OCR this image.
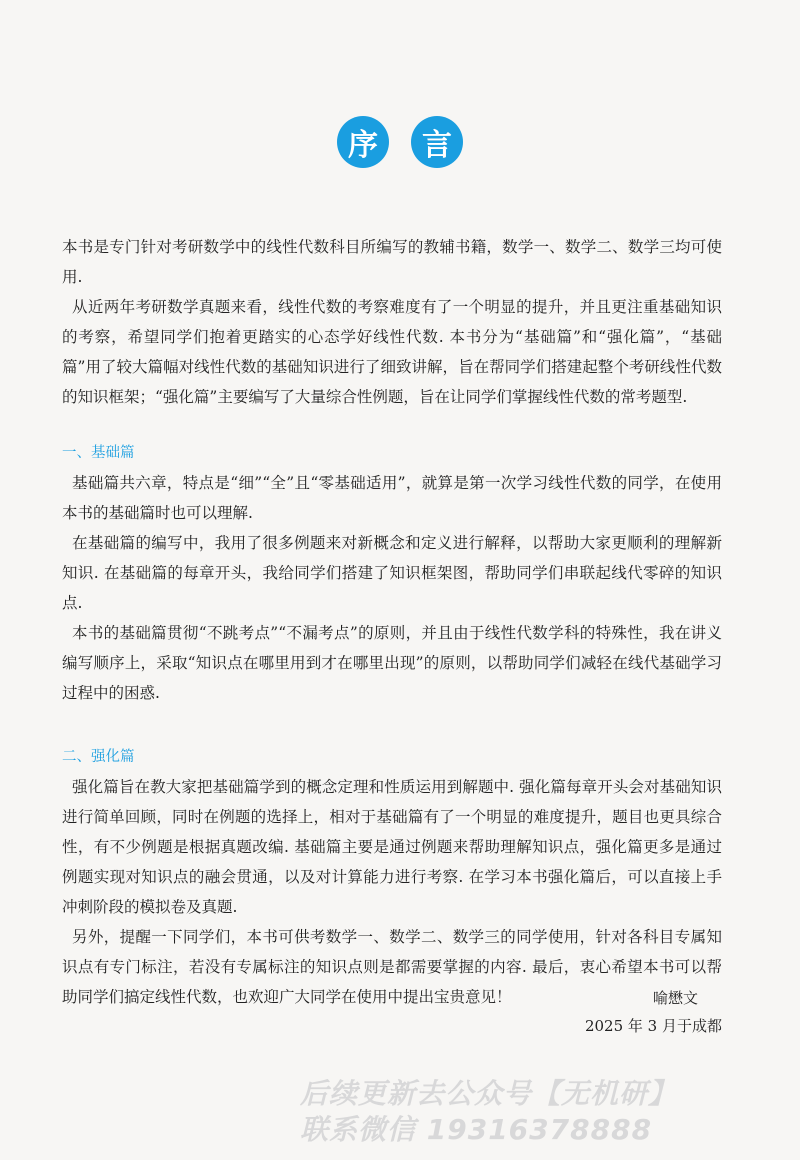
序	言

本书是专门针对考研数学中的线性代数科目所编写的教辅书籍，数学一、数学二、数学三均可使用.

从近两年考研数学真题来看，线性代数的考察难度有了一个明显的提升，并且更注重基础知识的考察，希望同学们抱着更踏实的心态学好线性代数. 本书分为“基础篇”和“强化篇”，“基础篇”用了较大篇幅对线性代数的基础知识进行了细致讲解，旨在帮同学们搭建起整个考研线性代数的知识框架；“强化篇”主要编写了大量综合性例题，旨在让同学们掌握线性代数的常考题型.

一、基础篇

基础篇共六章，特点是“细”“全”且“零基础适用”，就算是第一次学习线性代数的同学，在使用本书的基础篇时也可以理解.

在基础篇的编写中，我用了很多例题来对新概念和定义进行解释，以帮助大家更顺利的理解新知识. 在基础篇的每章开头，我给同学们搭建了知识框架图，帮助同学们串联起线代零碎的知识点.

本书的基础篇贯彻“不跳考点”“不漏考点”的原则，并且由于线性代数学科的特殊性，我在讲义编写顺序上，采取“知识点在哪里用到才在哪里出现”的原则，以帮助同学们减轻在线代基础学习过程中的困惑.

二、强化篇

强化篇旨在教大家把基础篇学到的概念定理和性质运用到解题中. 强化篇每章开头会对基础知识进行简单回顾，同时在例题的选择上，相对于基础篇有了一个明显的难度提升，题目也更具综合性，有不少例题是根据真题改编. 基础篇主要是通过例题来帮助理解知识点，强化篇更多是通过例题实现对知识点的融会贯通，以及对计算能力进行考察. 在学习本书强化篇后，可以直接上手冲刺阶段的模拟卷及真题.

另外，提醒一下同学们，本书可供考数学一、数学二、数学三的同学使用，针对各科目专属知识点有专门标注，若没有专属标注的知识点则是都需要掌握的内容. 最后，衷心希望本书可以帮助同学们搞定线性代数，也欢迎广大同学在使用中提出宝贵意见！	喻懋文
2025 年 3 月于成都
后续更新去公众号【无机研】
联系微信 19316378888
